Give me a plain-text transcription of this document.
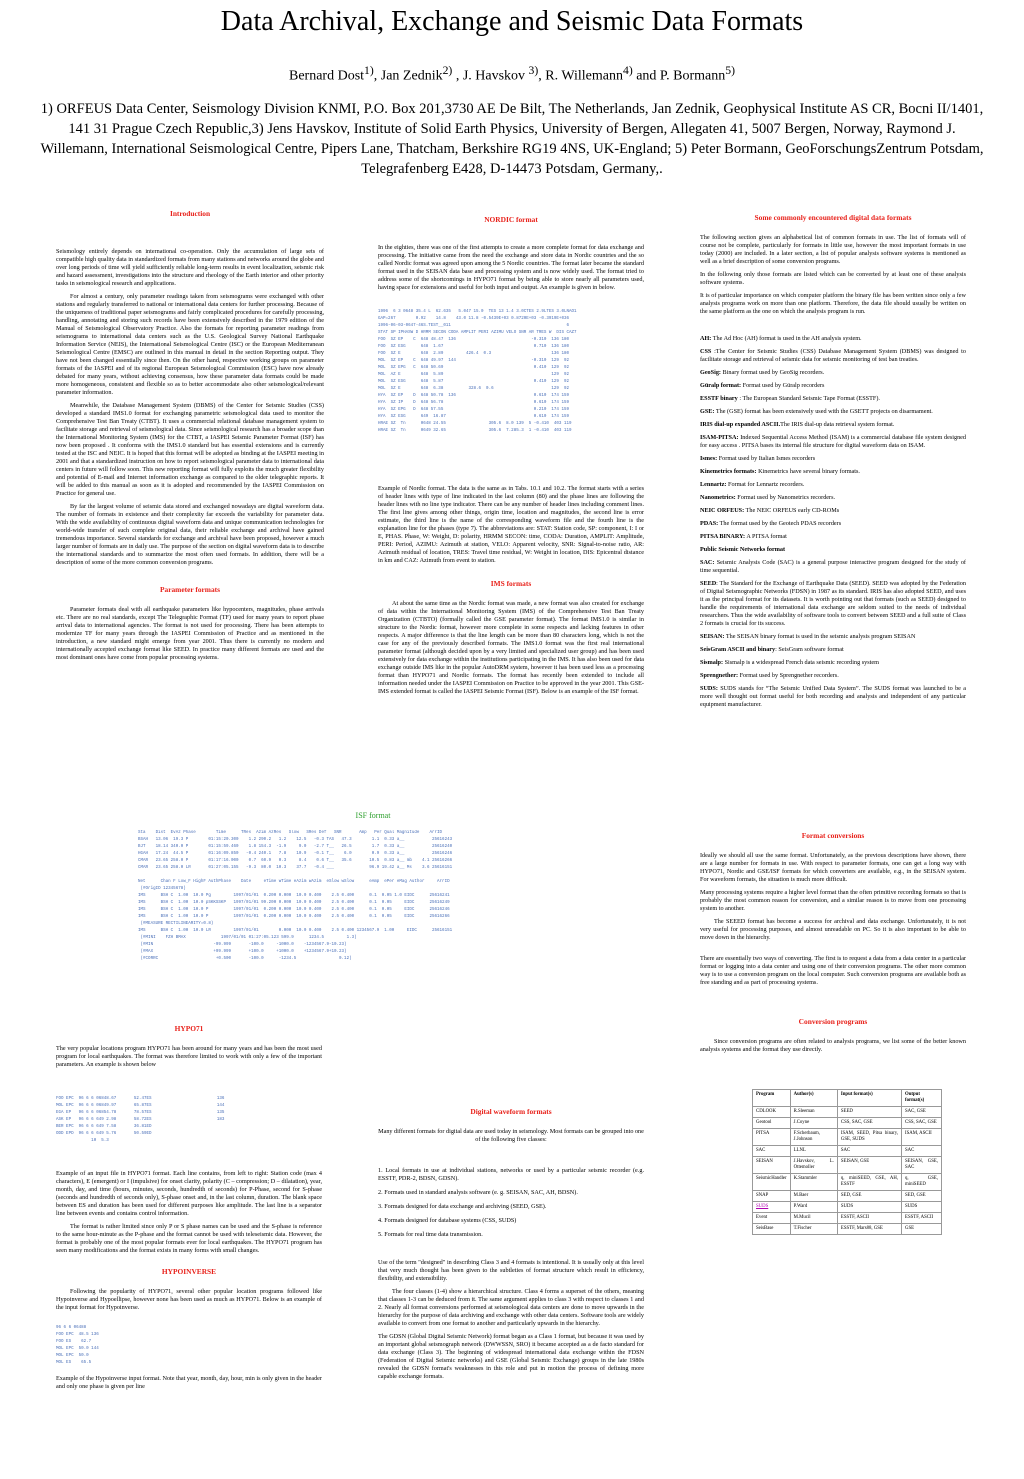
Data Archival, Exchange and Seismic Data Formats
Bernard Dost$^{1)}$, Jan Zednik$^{2)}$ , J. Havskov $^{3)}$, R. Willemann$^{4)}$ and P. Bormann$^{5)}$
1) ORFEUS Data Center, Seismology Division KNMI, P.O. Box 201,3730 AE De Bilt, The Netherlands, Jan Zednik, Geophysical Institute AS CR, Bocni II/1401, 141 31 Prague Czech Republic,3) Jens Havskov, Institute of Solid Earth Physics, University of Bergen, Allegaten 41, 5007 Bergen, Norway, Raymond J. Willemann, International Seismological Centre, Pipers Lane, Thatcham, Berkshire RG19 4NS, UK-England; 5) Peter Bormann, GeoForschungsZentrum Potsdam, Telegrafenberg E428, D-14473 Potsdam, Germany,.
Introduction

Seismology entirely depends on international co-operation. Only the accumulation of large sets of compatible high quality data in standardized formats from many stations and networks around the globe and over long periods of time will yield sufficiently reliable long-term results in event localization, seismic risk and hazard assessment, investigations into the structure and rheology of the Earth interior and other priority tasks in seismological research and applications.

For almost a century, only parameter readings taken from seismograms were exchanged with other stations and regularly transferred to national or international data centers for further processing. Because of the uniqueness of traditional paper seismograms and fairly complicated procedures for carefully processing, handling, annotating and storing such records have been extensively described in the 1979 edition of the Manual of Seismological Observatory Practice. Also the formats for reporting parameter readings from seismograms to international data centers such as the U.S. Geological Survey National Earthquake Information Service (NEIS), the International Seismological Centre (ISC) or the European Mediterranean Seismological Centre (EMSC) are outlined in this manual in detail in the section Reporting output. They have not been changed essentially since then. On the other hand, respective working groups on parameter formats of the IASPEI and of its regional European Seismological Commission (ESC) have now already debated for many years, without achieving consensus, how these parameter data formats could be made more homogeneous, consistent and flexible so as to better accommodate also other seismological/relevant parameter information.

Meanwhile, the Database Management System (DBMS) of the Center for Seismic Studies (CSS) developed a standard IMS1.0 format for exchanging parametric seismological data used to monitor the Comprehensive Test Ban Treaty (CTBT). It uses a commercial relational database management system to facilitate storage and retrieval of seismological data. Since seismological research has a broader scope than the International Monitoring System (IMS) for the CTBT, a IASPEI Seismic Parameter Format (ISF) has now been proposed . It conforms with the IMS1.0 standard but has essential extensions and is currently tested at the ISC and NEIC. It is hoped that this format will be adopted as binding at the IASPEI meeting in 2001 and that a standardized instruction on how to report seismological parameter data to international data centers in future will follow soon. This new reporting format will fully exploits the much greater flexibility and potential of E-mail and Internet information exchange as compared to the older telegraphic reports. It will be added to this manual as soon as it is adopted and recommended by the IASPEI Commission on Practice for general use.

By far the largest volume of seismic data stored and exchanged nowadays are digital waveform data. The number of formats in existence and their complexity far exceeds the variability for parameter data. With the wide availability of continuous digital waveform data and unique communication technologies for world-wide transfer of such complete original data, their reliable exchange and archival have gained tremendous importance. Several standards for exchange and archival have been proposed, however a much larger number of formats are in daily use. The purpose of the section on digital waveform data is to describe the international standards and to summarize the most often used formats. In addition, there will be a description of some of the more common conversion programs.

Parameter formats

Parameter formats deal with all earthquake parameters like hypocenters, magnitudes, phase arrivals etc. There are no real standards, except The Telegraphic Format (TF) used for many years to report phase arrival data to international agencies. The format is not used for processing. There has been attempts to modernize TF for many years through the IASPEI Commission of Practice and as mentioned in the introduction, a new standard might emerge from year 2001. Thus there is currently no modern and internationally accepted exchange format like SEED. In practice many different formats are used and the most dominant ones have come from popular processing systems.

NORDIC format

In the eighties, there was one of the first attempts to create a more complete format for data exchange and processing. The initiative came from the need the exchange and store data in Nordic countries and the so called Nordic format was agreed upon among the 5 Nordic countries. The format later became the standard format used in the SEISAN data base and processing system and is now widely used. The format tried to address some of the shortcomings in HYPO71 format by being able to store nearly all parameters used, having space for extensions and useful for both input and output. An example is given in below.

1996  6 3 0648 35.4 L  62.635   5.047 15.0  TES 13 1.4 3.0CTES 2.9LTES 3.0LNAO1
GAP=267        0.92    14.8    43.0 11.8 -0.5439E+03 0.8720E+03 -0.3919E+036
1996-06-03-0647-46S.TEST__011                                              6
STAT SP IPHASW D HRMM SECON CODA AMPLIT PERI AZIMU VELO SNR AR TRES W  DIS CAZ7
FOO  SZ EP    C  648 48.47  136                              -0.310  136 180
FOO  SZ ESG      648  1.67                                    0.710  136 180
FOO  SZ E        648  2.89         426.4  0.3                        136 180
MOL  SZ EP    C  648 49.97  144                              -0.310  129  92
MOL  SZ EPG   C  648 50.69                                    0.410  129  92
MOL  AZ E        648  5.89                                           129  92
MOL  SZ ESG      648  5.87                                    0.410  129  92
MOL  SZ E        648  6.38          328.6  0.6                       129  92
HYA  SZ EP    D  648 50.78  136                               0.610  174 159
HYA  SZ IP    D  648 56.78                                    0.610  174 159
HYA  SZ EPG   D  648 57.55                                    0.210  174 159
HYA  SZ ESG      649  16.87                                   0.610  174 159
HRAE SZ  Tn      0648 24.55                 305.6  8.0 139  5 -0.410  403 119
HRAE SZ  Tn      0649 32.65                 305.6  7.285.3  1 -0.410  403 119

Example of Nordic format. The data is the same as in Tabs. 10.1 and 10.2. The format starts with a series of header lines with type of line indicated in the last column (80) and the phase lines are following the header lines with no line type indicator. There can be any number of header lines including comment lines. The first line gives among other things, origin time, location and magnitudes, the second line is error estimate, the third line is the name of the corresponding waveform file and the fourth line is the explanation line for the phases (type 7). The abbreviations are: STAT: Station code, SP: component, I: I or E, PHAS. Phase, W: Weight, D: polarity, HRMM SECON: time, CODA: Duration, AMPLIT: Amplitude, PERI: Period, AZIMU: Azimuth at station, VELO: Apparent velocity, SNR: Signal-to-noise ratio, AR: Azimuth residual of location, TRES: Travel time residual, W: Weight in location, DIS: Epicentral distance in km and CAZ: Azimuth from event to station.

IMS formats

At about the same time as the Nordic format was made, a new format was also created for exchange of data within the International Monitoring System (IMS) of the Comprehensive Test Ban Treaty Organization (CTBTO) (formally called the GSE parameter format). The format IMS1.0 is similar in structure to the Nordic format, however more complete in some respects and lacking features in other respects. A major difference is that the line length can be more than 80 characters long, which is not the case for any of the previously described formats. The IMS1.0 format was the first real international parameter format (although decided upon by a very limited and specialized user group) and has been used extensively for data exchange within the institutions participating in the IMS. It has also been used for data exchange outside IMS like in the popular AutoDRM system, however it has been used less as a processing format than HYPO71 and Nordic formats. The format has recently been extended to include all information needed under the IASPEI Commission on Practice to be approved in the year 2001. This GSE-IMS extended format is called the IASPEI Seismic Format (ISF). Below is an example of the ISF format.

Some commonly encountered digital data formats

The following section gives an alphabetical list of common formats in use. The list of formats will of course not be complete, particularly for formats in little use, however the most important formats in use today (2000) are included. In a later section, a list of popular analysis software systems is mentioned as well as a brief description of some conversion programs.

In the following only those formats are listed which can be converted by at least one of these analysis software systems.

It is of particular importance on which computer platform the binary file has been written since only a few analysis programs work on more than one platform. Therefore, the data file should usually be written on the same platform as the one on which the analysis program is run.

AH: The Ad Hoc (AH) format is used in the AH analysis system.

CSS :The Center for Seismic Studies (CSS) Database Management System (DBMS) was designed to facilitate storage and retrieval of seismic data for seismic monitoring of test ban treaties.

GeoSig: Binary format used by GeoSig recorders.

Güralp format: Format used by Güralp recorders

ESSTF binary : The European Standard Seismic Tape Format (ESSTF).

GSE: The (GSE) format has been extensively used with the GSETT projects on disarmament.

IRIS dial-up expanded ASCII.The IRIS dial-up data retrieval system format.

ISAM-PITSA: Indexed Sequential Access Method (ISAM) is a commercial database file system designed for easy access . PITSA bases its internal file structure for digital waveform data on ISAM.

Ismes: Format used by Italian Ismes recorders

Kinemetrics formats: Kinemetrics have several binary formats.

Lennartz: Format for Lennartz recorders.

Nanometrics: Format used by Nanometrics recorders.

NEIC ORFEUS: The NEIC ORFEUS early CD-ROMs

PDAS: The format used by the Geotech PDAS recorders

PITSA BINARY: A PITSA format

Public Seismic Networks format

SAC: Seismic Analysis Code (SAC) is a general purpose interactive program designed for the study of time sequential.

SEED: The Standard for the Exchange of Earthquake Data (SEED). SEED was adopted by the Federation of Digital Seismographic Networks (FDSN) in 1987 as its standard. IRIS has also adopted SEED, and uses it as the principal format for its datasets. It is worth pointing out that formats (such as SEED) designed to handle the requirements of international data exchange are seldom suited to the needs of individual researchers. Thus the wide availability of software tools to convert between SEED and a full suite of Class 2 formats is crucial for its success.

SEISAN: The SEISAN binary format is used in the seismic analysis program SEISAN

SeisGram ASCII and binary: SeisGram software format

Sismalp: Sismalp is a widespread French data seismic recording system

Sprengnether: Format used by Sprengnether recorders.

SUDS: SUDS stands for “The Seismic Unified Data System”. The SUDS format was launched to be a more well thought out format useful for both recording and analysis and independent of any particular equipment manufacturer.

ISF format
Sta    Dist  EvAz Phase        Time      TRes  Azim AzRes   Slow   SRes Def   SNR       Amp   Per Qual Magnitude    ArrID
BSAH   13.06  19.3 P        01:15:20.300    1.2 290.2   1.2    12.5   -0.3 TAS   47.3        1.1  0.33 a__           25616243
BJT    18.14 340.0 P        01:15:59.460    1.8 154.3  -1.9     9.0   -2.7 T__   26.5        1.7  0.33 a__           25616240
HGAH   17.24  44.5 P        01:16:09.850   -0.4 240.1   7.8    10.9   -0.1 T__    6.0        0.9  0.33 a__           25616246
CMAR   23.65 258.0 P        01:17:16.000    0.7  60.9   0.3     8.4    0.6 T__   35.6       10.5  0.83 a__ mb    4.1 25616266
CMAR   23.65 258.0 LR       01:27:05.155   -9.3  80.0  10.3    37.7   -0.4 ___              96.9 19.42 a__ Ms    3.6 25616151

Net      Chan F Low_F HighF AuthPhase    Date     eTime wTime eAzim wAzim  eSlow wSlow      eAmp  ePer eMag Author     ArrID
(#OrigID 12345678)
IMS      BSH C  1.00  10.0 Pg         1997/01/01  0.200 0.000  10.0 0.400    2.5 0.400      0.1  0.05 1.0 EIDC      25616241
IMS      BSH C  1.00  10.0 pSKKSSKP   1997/01/01 99.200 0.000  10.0 0.400    2.5 0.400      0.1  0.05     EIDC      25616249
IMS      BSH C  1.00  10.0 P          1997/01/01  0.200 0.000  10.0 0.400    2.5 0.400      0.1  0.05     EIDC      25616246
IMS      BSH C  1.00  10.0 P          1997/01/01  0.200 0.000  10.0 0.400    2.5 0.400      0.1  0.05     EIDC      25616266
(#MEASURE RECTILINEARITY=0.8)
IMS      BSH C  1.00  10.0 LR         1997/01/01        0.000  10.0 0.400    2.5 0.400 1234567.9  1.00     EIDC      25616151
(#MINI    FZH BMAX              1997/01/01 01:27:05.123 599.9      1234.5         1.3)
(#MIN                        -99.999       -100.0     -1000.0    -1234567.9-10.23)
(#MAX                        +99.999       +100.0     +1000.0    +1234567.9+10.23)
(#CORRC                       +0.500       -100.0      -1234.5                 0.12)
HYPO71

The very popular locations program HYPO71 has been around for many years and has been the most used program for local earthquakes. The format was therefore limited to work with only a few of the important parameters. An example is shown below

FOO EPC  96 6 6 06848.67       52.47ES                          136
MOL EPC  96 6 6 06849.97       65.87ES                          144
EGA EP   96 6 6 06854.78       78.57ES                          135
ASK EP   96 6 6 649 2.98       58.72ES                          183
BER EPC  96 6 6 649 7.58       36.81ED
ODD EPD  96 6 6 649 5.76       50.59ED
10  5.3

Example of an input file in HYPO71 format. Each line contains, from left to right: Station code (max 4 characters), E (emergent) or I (impulsive) for onset clarity, polarity (C – compression; D – dilatation), year, month, day, and time (hours, minutes, seconds, hundredth of seconds) for P-Phase, second for S-phase (seconds and hundredth of seconds only), S-phase onset and, in the last column, duration. The blank space between ES and duration has been used for different purposes like amplitude. The last line is a separator line between events and contains control information.

The format is rather limited since only P or S phase names can be used and the S-phase is reference to the same hour-minute as the P-phase and the format cannot be used with teleseismic data. However, the format is probably one of the most popular formats ever for local earthquakes. The HYPO71 program has seen many modifications and the format exists in many forms with small changes.

HYPOINVERSE

Following the popularity of HYPO71, several other popular location programs followed like Hypoinverse and Hypoellipse, however none has been used as much as HYPO71. Below is an example of the input format for Hypoinverse.

96 6 6 06488
FOO EPC  48.5 136
FOO ES    62.7
MOL EPC  50.0 144
MOL EPC  50.0
MOL ES    65.5

Example of the Hypoinverse input format. Note that year, month, day, hour, min is only given in the header and only one phase is given per line

Digital waveform formats

Many different formats for digital data are used today in seismology. Most formats can be grouped into one of the following five classes:

1. Local formats in use at individual stations, networks or used by a particular seismic recorder (e.g. ESSTF, PDR-2, BDSN, GDSN).

2. Formats used in standard analysis software (e. g. SEISAN, SAC, AH, BDSN).

3. Formats designed for data exchange and archiving (SEED, GSE).

4. Formats designed for database systems (CSS, SUDS)

5. Formats for real time data transmission.

Use of the term "designed" in describing Class 3 and 4 formats is intentional. It is usually only at this level that very much thought has been given to the subtleties of format structure which result in efficiency, flexibility, and extensibility.

The four classes (1-4) show a hierarchical structure. Class 4 forms a superset of the others, meaning that classes 1-3 can be deduced from it. The same argument applies to class 3 with respect to classes 1 and 2. Nearly all format conversions performed at seismological data centers are done to move upwards in the hierarchy for the purpose of data archiving and exchange with other data centers. Software tools are widely available to convert from one format to another and particularly upwards in the hierarchy.

The GDSN (Global Digital Seismic Network) format began as a Class 1 format, but because it was used by an important global seismograph network (DWWSSN, SRO) it became accepted as a de facto standard for data exchange (Class 3). The beginning of widespread international data exchange within the FDSN (Federation of Digital Seismic networks) and GSE (Global Seismic Exchange) groups in the late 1980s revealed the GDSN format's weaknesses in this role and put in motion the process of defining more capable exchange formats.

Format conversions

Ideally we should all use the same format. Unfortunately, as the previous descriptions have shown, there are a large number for formats in use. With respect to parameter formats, one can get a long way with HYPO71, Nordic and GSE/ISF formats for which converters are available, e.g., in the SEISAN system. For waveform formats, the situation is much more difficult.

Many processing systems require a higher level format than the often primitive recording formats so that is probably the most common reason for conversion, and a similar reason is to move from one processing system to another.

The SEEED format has become a success for archival and data exchange. Unfortunately, it is not very useful for processing purposes, and almost unreadable on PC. So it is also important to be able to move down in the hierarchy.

There are essentially two ways of converting. The first is to request a data from a data center in a particular format or logging into a data center and using one of their conversion programs. The other more common way is to use a conversion program on the local computer. Such conversion programs are available both as free standing and as part of processing systems.

Conversion programs

Since conversion programs are often related to analysis programs, we list some of the better known analysis systems and the format they use directly.

Program	Author(s)	Input format(s)	Output format(s)
CDLOOK	R.Sleeman	SEED	SAC, GSE
Geotool	J.Coyne	CSS, SAC, GSE	CSS, SAC, GSE
PITSA	F.Scherbaum, J.Johnson	ISAM, SEED, Pitsa binary, GSE, SUDS	ISAM, ASCII
SAC	LLNL	SAC	SAC
SEISAN	J.Havskov, L. Ottemoller	SEISAN, GSE	SEISAN, GSE, SAC
SeismicHandler	K.Stammler	q, miniSEED, GSE, AH, ESSTF	q, GSE, miniSEED
SNAP	M.Baer	SED, GSE	SED, GSE
SUDS	P.Ward	SUDS	SUDS
Event	M.Mucil	ESSTF, ASCII	ESSTF, ASCII
SeisBase	T.Fischer	ESSTF, Mars88, GSE	GSE
